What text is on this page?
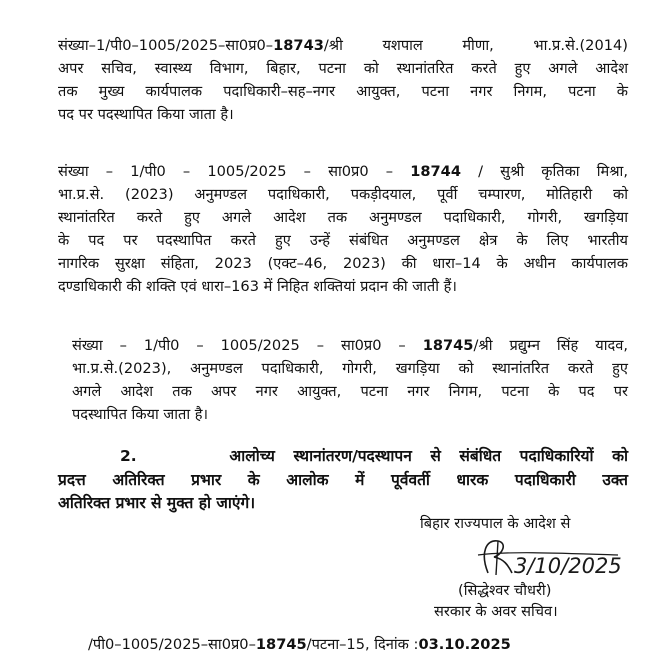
संख्या–1/पी0–1005/2025–सा0प्र0–18743/श्री यशपाल मीणा, भा.प्र.से.(2014)
अपर सचिव, स्वास्थ्य विभाग, बिहार, पटना को स्थानांतरित करते हुए अगले आदेश
तक मुख्य कार्यपालक पदाधिकारी–सह–नगर आयुक्त, पटना नगर निगम, पटना के
पद पर पदस्थापित किया जाता है।
संख्या – 1/पी0 – 1005/2025 – सा0प्र0 – 18744 / सुश्री कृतिका मिश्रा,
भा.प्र.से. (2023) अनुमण्डल पदाधिकारी, पकड़ीदयाल, पूर्वी चम्पारण, मोतिहारी को
स्थानांतरित करते हुए अगले आदेश तक अनुमण्डल पदाधिकारी, गोगरी, खगड़िया
के पद पर पदस्थापित करते हुए उन्हें संबंधित अनुमण्डल क्षेत्र के लिए भारतीय
नागरिक सुरक्षा संहिता, 2023 (एक्ट–46, 2023) की धारा–14 के अधीन कार्यपालक
दण्डाधिकारी की शक्ति एवं धारा–163 में निहित शक्तियां प्रदान की जाती हैं।
संख्या – 1/पी0 – 1005/2025 – सा0प्र0 – 18745/श्री प्रद्युम्न सिंह यादव,
भा.प्र.से.(2023), अनुमण्डल पदाधिकारी, गोगरी, खगड़िया को स्थानांतरित करते हुए
अगले आदेश तक अपर नगर आयुक्त, पटना नगर निगम, पटना के पद पर
पदस्थापित किया जाता है।
2.	आलोच्य स्थानांतरण/पदस्थापन से संबंधित पदाधिकारियों को
प्रदत्त अतिरिक्त प्रभार के आलोक में पूर्ववर्ती धारक पदाधिकारी उक्त
अतिरिक्त प्रभार से मुक्त हो जाएंगे।
बिहार राज्यपाल के आदेश से
3/10/2025
(सिद्धेश्वर चौधरी)
सरकार के अवर सचिव।
/पी0–1005/2025–सा0प्र0–18745/पटना–15, दिनांक :03.10.2025
